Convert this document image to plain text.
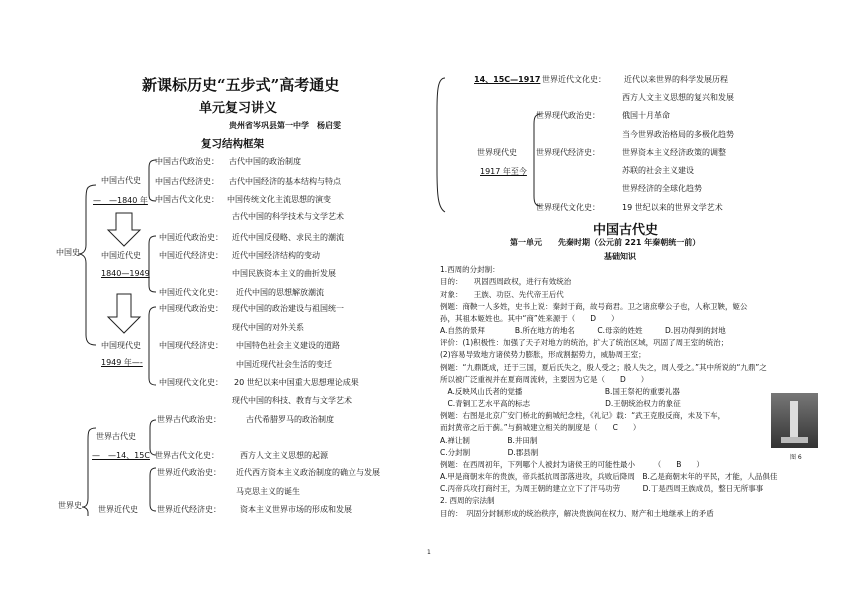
新课标历史“五步式”高考通史
单元复习讲义
贵州省岑巩县第一中学　杨启雯
复习结构框架
中国史
世界史
中国古代史
—　—1840 年
中国古代政治史： 古代中国的政治制度
中国古代经济史： 古代中国经济的基本结构与特点
中国古代文化史： 中国传统文化主流思想的演变
古代中国的科学技术与文学艺术
中国近代史
1840—1949
中国近代政治史： 近代中国反侵略、求民主的潮流
中国近代经济史： 近代中国经济结构的变动
中国民族资本主义的曲折发展
中国近代文化史： 近代中国的思想解放潮流
中国现代史
1949 年—-
中国现代政治史： 现代中国的政治建设与祖国统一
现代中国的对外关系
中国现代经济史： 中国特色社会主义建设的道路
中国近现代社会生活的变迁
中国现代文化史： 20 世纪以来中国重大思想理论成果
现代中国的科技、教育与文学艺术
世界古代史
—　—14、15C
世界古代政治史：	古代希腊罗马的政治制度
世界古代文化史：	西方人文主义思想的起源
世界近代史
世界近代政治史： 近代西方资本主义政治制度的确立与发展
马克思主义的诞生
世界近代经济史： 资本主义世界市场的形成和发展
14、15C—1917 世界近代文化史： 近代以来世界的科学发展历程
西方人文主义思想的复兴和发展
世界现代史
1917 年至今
世界现代政治史：	俄国十月革命
当今世界政治格局的多极化趋势
世界现代经济史：	世界资本主义经济政策的调整
苏联的社会主义建设
世界经济的全球化趋势
世界现代文化史：	19 世纪以来的世界文学艺术
中国古代史
第一单元　　先秦时期（公元前 221 年秦朝统一前）
基础知识
1.西周的分封制：
目的：　　巩固西周政权，进行有效统治
对象：　　王族、功臣、先代帝王后代
例题：商鞅一人多姓，史书上说：秦封于商，故号商君。卫之诸庶孽公子也，人称卫鞅，姬公
孙，其祖本姬姓也。其中“商”姓来源于（　　D　　）
A.自然的景拜　　　　B.所在地方的地名　　　C.母亲的姓姓　　　D.因功得到的封地
评价：(1)积极性：加强了天子对地方的统治，扩大了统治区域，巩固了周王室的统治；
(2)容易导致地方诸侯势力膨胀，形成割据势力，威胁周王室；
例题：“九鼎既成，迁于三国，夏后氏失之，殷人受之；殷人失之，周人受之。”其中所说的“九鼎”之
所以被广泛重视并在夏商周流转，主要因为它是（　　D　　）
　A.反映风山氏者的觉播　　　　　　　　　　　B.国王祭祀的重要礼器
　C.青铜工艺水平高的标志　　　　　　　　　　D.王朝统治权力的象征
例题：右图是北京广安门桥北的蓟城纪念柱，《礼记》载：“武王克殷反商，未及下车，
而封黄帝之后于蓟。”与蓟城建立相关的制度是（　　C　　）
A.禅让制　　　　　B.井田制
C.分封制　　　　　D.郡县制
例题：在西周初年，下列哪个人被封为诸侯王的可能性最小　　　（　　B　　）
A.甲是商朝末年的贵族，帝兵抵抗周部落进攻，兵败后降周　B.乙是商朝末年的平民，才能，人品俱佳
C.丙帝兵攻打商纣王，为周王朝的建立立下了汗马功劳　　　D.丁是西周王族成员，整日无所事事
2. 西周的宗法制
目的：　巩固分封制形成的统治秩序，解决贵族间在权力、财产和土地继承上的矛盾
图 6
1
